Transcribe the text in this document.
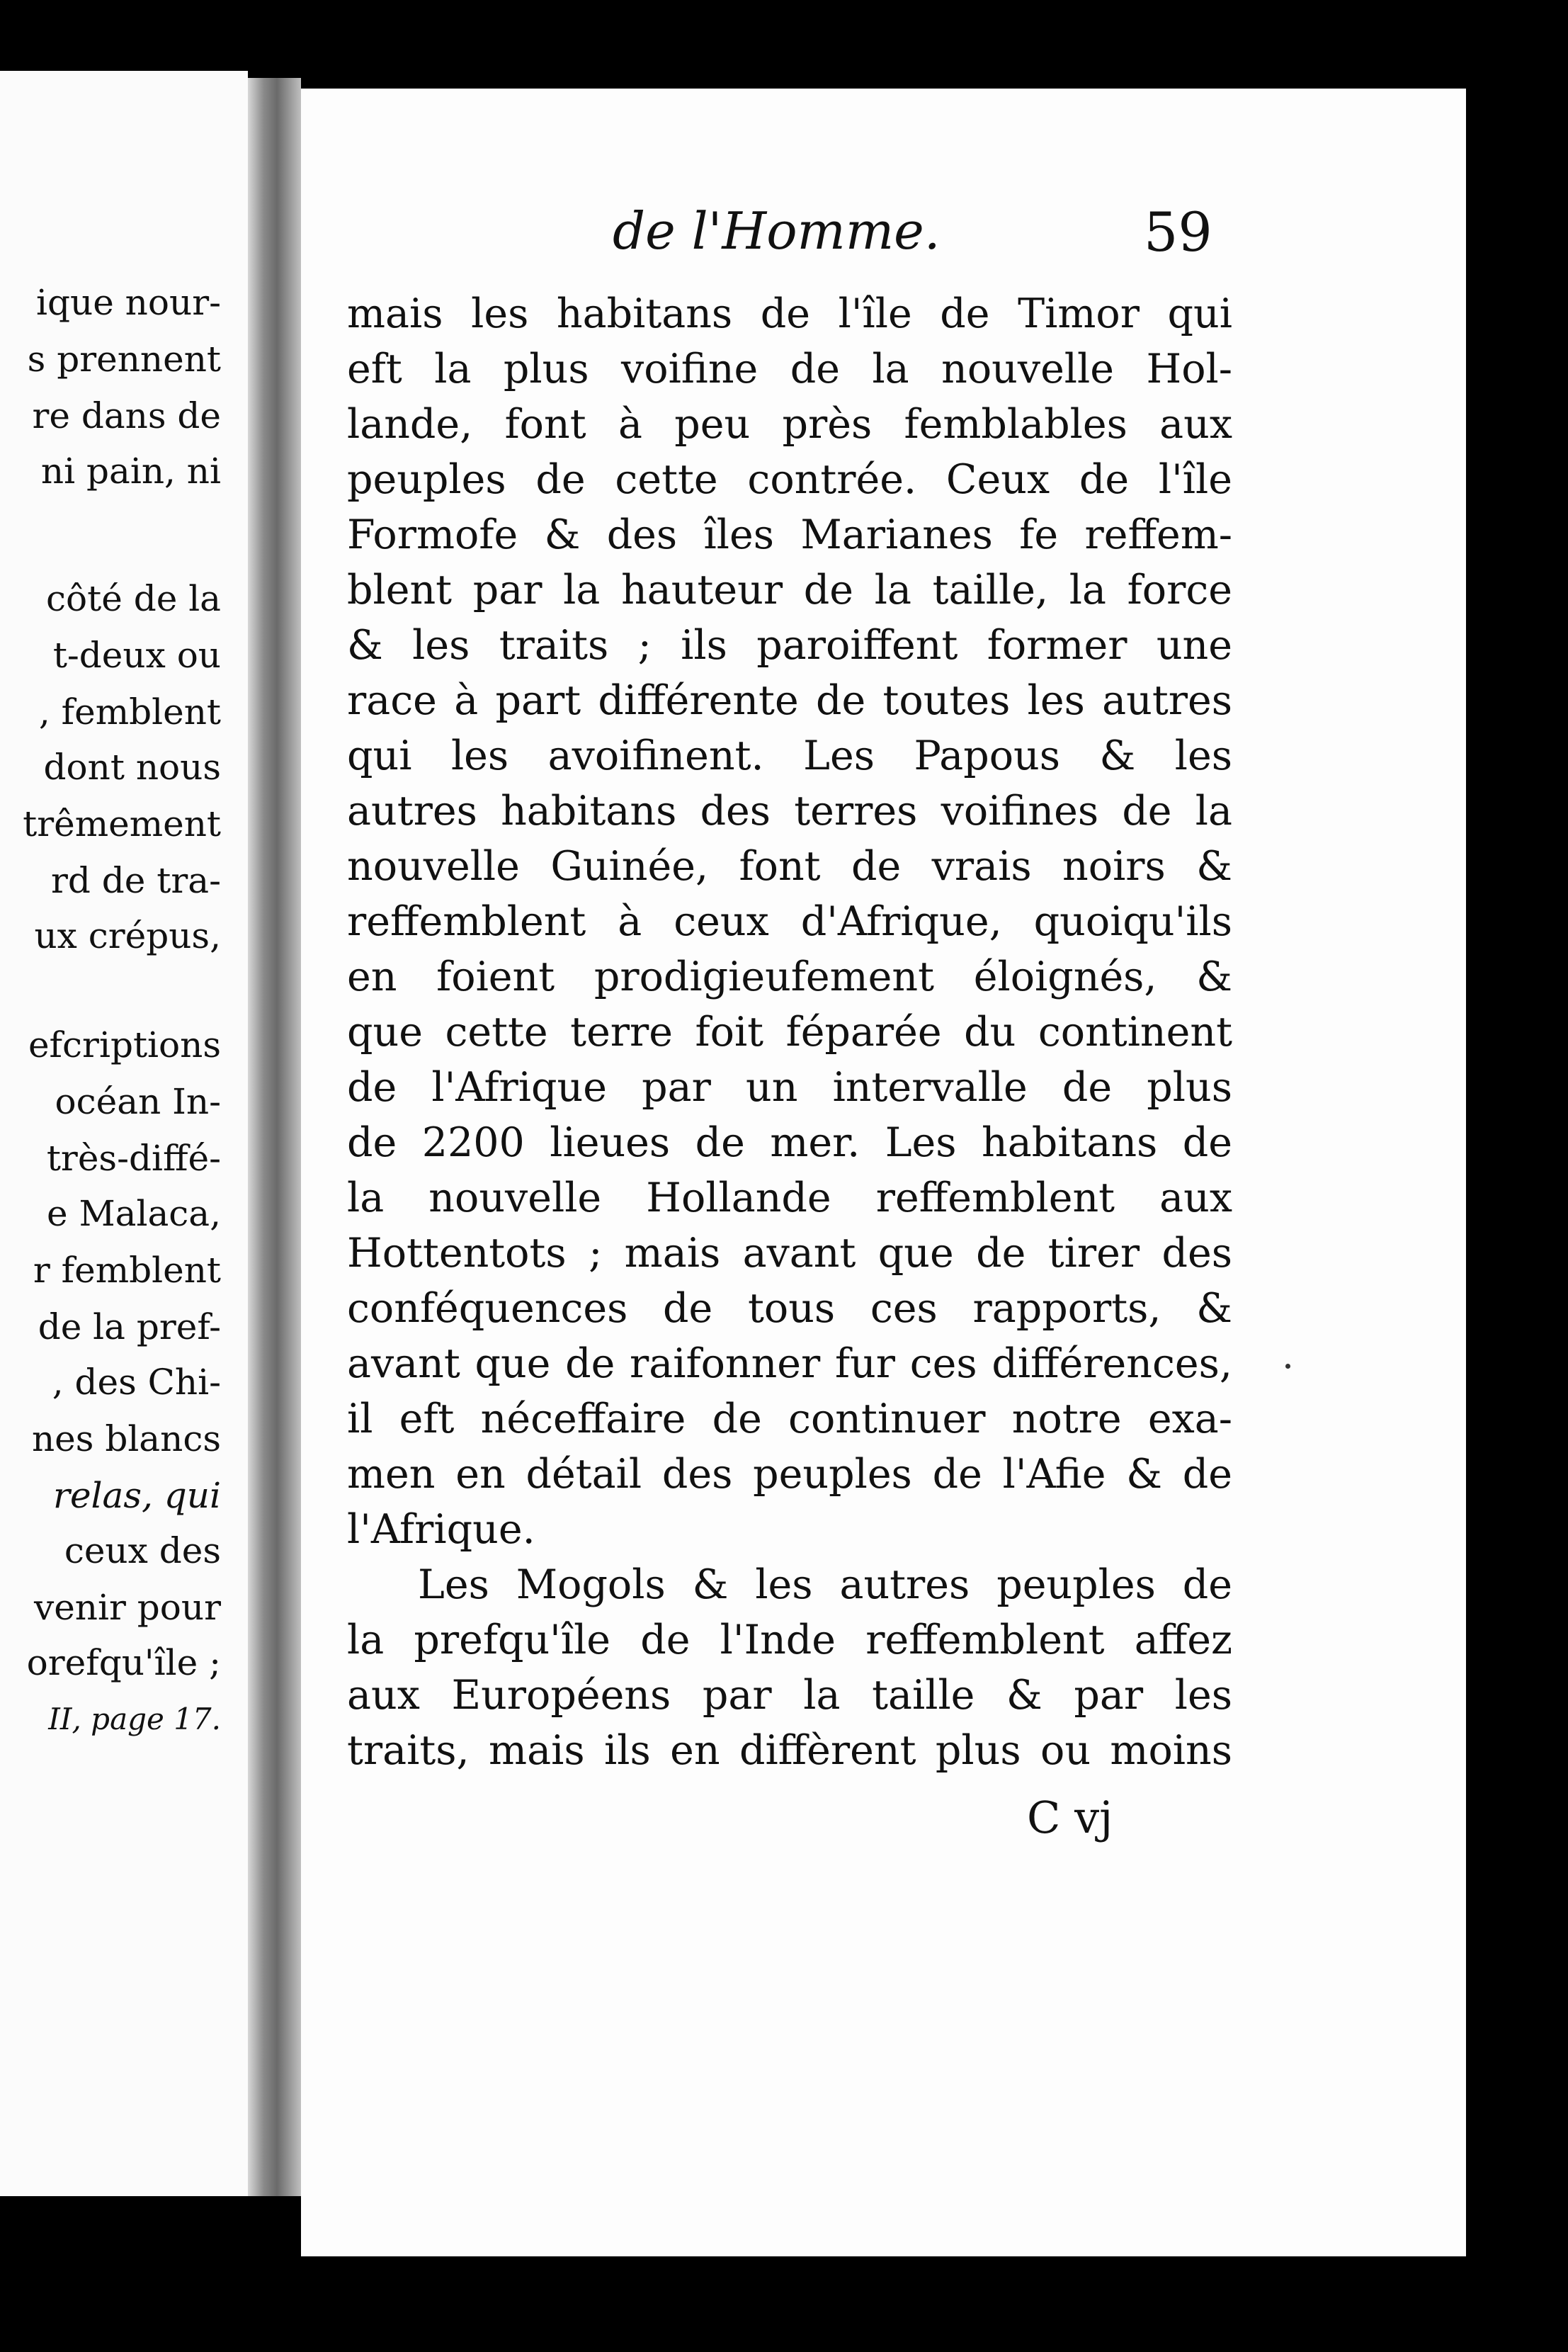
ique nour-
s prennent
re dans de
ni pain, ni
côté de la
t-deux ou
, femblent
dont nous
trêmement
rd de tra-
ux crépus,
efcriptions
océan In-
très-diffé-
e Malaca,
r femblent
de la pref-
, des Chi-
nes blancs
relas, qui
ceux des
venir pour
orefqu'île ;
II, page 17.
de l'Homme.	59
mais les habitans de l'île de Timor qui
eft la plus voifine de la nouvelle Hol-
lande, font à peu près femblables aux
peuples de cette contrée. Ceux de l'île
Formofe & des îles Marianes fe reffem-
blent par la hauteur de la taille, la force
& les traits ; ils paroiffent former une
race à part différente de toutes les autres
qui les avoifinent. Les Papous & les
autres habitans des terres voifines de la
nouvelle Guinée, font de vrais noirs &
reffemblent à ceux d'Afrique, quoiqu'ils
en foient prodigieufement éloignés, &
que cette terre foit féparée du continent
de l'Afrique par un intervalle de plus
de 2200 lieues de mer. Les habitans de
la nouvelle Hollande reffemblent aux
Hottentots ; mais avant que de tirer des
conféquences de tous ces rapports, &
avant que de raifonner fur ces différences,
il eft néceffaire de continuer notre exa-
men en détail des peuples de l'Afie & de
l'Afrique.
Les Mogols & les autres peuples de
la prefqu'île de l'Inde reffemblent affez
aux Européens par la taille & par les
traits, mais ils en diffèrent plus ou moins
C vj
